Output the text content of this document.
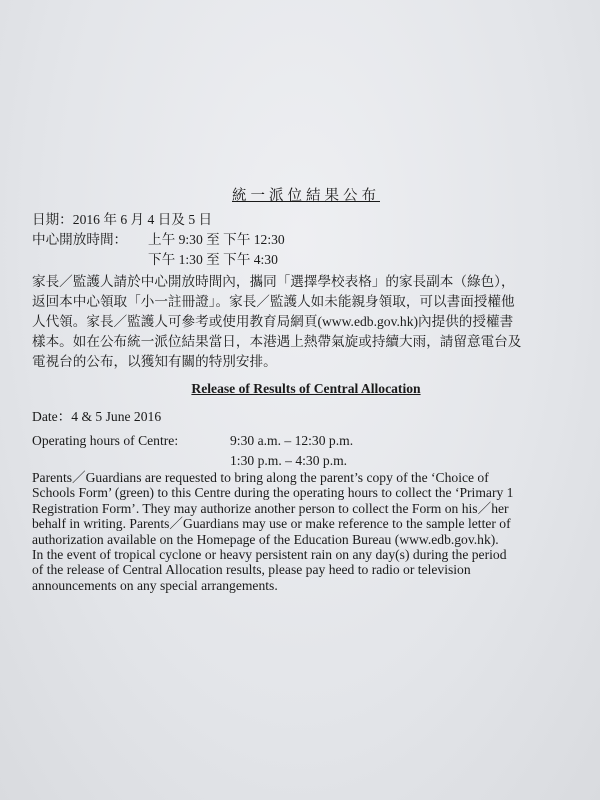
統一派位結果公布

日期：2016 年 6 月 4 日及 5 日

中心開放時間：	上午 9:30 至 下午 12:30
下午 1:30 至 下午 4:30

家長／監護人請於中心開放時間內，攜同「選擇學校表格」的家長副本（綠色），
返回本中心領取「小一註冊證」。家長／監護人如未能親身領取，可以書面授權他
人代領。家長／監護人可參考或使用教育局網頁(www.edb.gov.hk)內提供的授權書
樣本。如在公布統一派位結果當日，本港遇上熱帶氣旋或持續大雨，請留意電台及
電視台的公布，以獲知有關的特別安排。

Release of Results of Central Allocation

Date：4 & 5 June 2016

Operating hours of Centre:	9:30 a.m. – 12:30 p.m.
1:30 p.m. – 4:30 p.m.

Parents／Guardians are requested to bring along the parent’s copy of the ‘Choice of
Schools Form’ (green) to this Centre during the operating hours to collect the ‘Primary 1
Registration Form’. They may authorize another person to collect the Form on his／her
behalf in writing. Parents／Guardians may use or make reference to the sample letter of
authorization available on the Homepage of the Education Bureau (www.edb.gov.hk).
In the event of tropical cyclone or heavy persistent rain on any day(s) during the period
of the release of Central Allocation results, please pay heed to radio or television
announcements on any special arrangements.
